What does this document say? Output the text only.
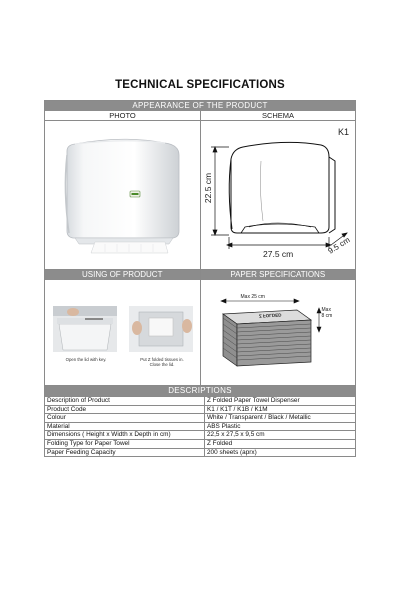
TECHNICAL SPECIFICATIONS
APPEARANCE OF THE PRODUCT
PHOTO	SCHEMA
K1
22.5 cm
27.5 cm	9.5 cm
USING OF PRODUCT
Open the lid with key.	Put Z folded tissues in.
Close the lid.
PAPER SPECIFICATIONS
Max 25 cm
Max
8 cm
Z FOLDED
DESCRIPTIONS
Description of Product	Z Folded Paper Towel Dispenser
Product Code	K1 / K1T / K1B / K1M
Colour	White / Transparent / Black / Metallic
Material	ABS Plastic
Dimensions ( Height x Width x Depth in cm)	22,5 x 27,5 x 9,5 cm
Folding Type for Paper Towel	Z Folded
Paper Feeding Capacity	200 sheets (aprx)
